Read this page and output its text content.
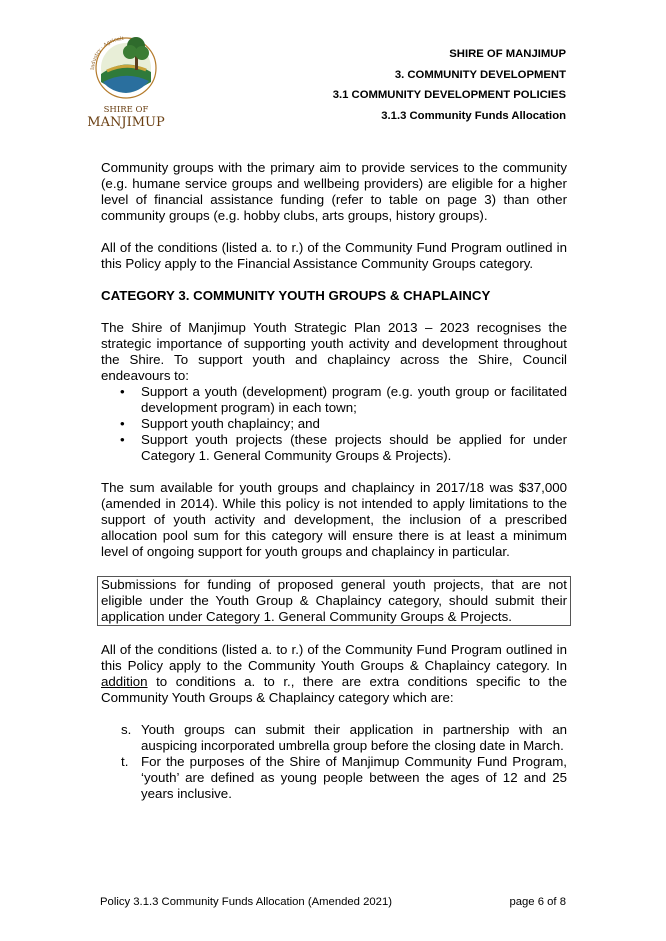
Industry · Agricult
SHIRE OF
MANJIMUP
SHIRE OF MANJIMUP
3. COMMUNITY DEVELOPMENT
3.1 COMMUNITY DEVELOPMENT POLICIES
3.1.3 Community Funds Allocation

Community groups with the primary aim to provide services to the community (e.g. humane service groups and wellbeing providers) are eligible for a higher level of financial assistance funding (refer to table on page 3) than other community groups (e.g. hobby clubs, arts groups, history groups).

All of the conditions (listed a. to r.) of the Community Fund Program outlined in this Policy apply to the Financial Assistance Community Groups category.

CATEGORY 3. COMMUNITY YOUTH GROUPS & CHAPLAINCY

The Shire of Manjimup Youth Strategic Plan 2013 – 2023 recognises the strategic importance of supporting youth activity and development throughout the Shire. To support youth and chaplaincy across the Shire, Council endeavours to:

• Support a youth (development) program (e.g. youth group or facilitated development program) in each town;
• Support youth chaplaincy; and
• Support youth projects (these projects should be applied for under Category 1. General Community Groups & Projects).

The sum available for youth groups and chaplaincy in 2017/18 was $37,000 (amended in 2014). While this policy is not intended to apply limitations to the support of youth activity and development, the inclusion of a prescribed allocation pool sum for this category will ensure there is at least a minimum level of ongoing support for youth groups and chaplaincy in particular.

Submissions for funding of proposed general youth projects, that are not eligible under the Youth Group & Chaplaincy category, should submit their application under Category 1. General Community Groups & Projects.

All of the conditions (listed a. to r.) of the Community Fund Program outlined in this Policy apply to the Community Youth Groups & Chaplaincy category. In addition to conditions a. to r., there are extra conditions specific to the Community Youth Groups & Chaplaincy category which are:

s. Youth groups can submit their application in partnership with an auspicing incorporated umbrella group before the closing date in March.
t. For the purposes of the Shire of Manjimup Community Fund Program, ‘youth’ are defined as young people between the ages of 12 and 25 years inclusive.
Policy 3.1.3 Community Funds Allocation (Amended 2021)	page 6 of 8
